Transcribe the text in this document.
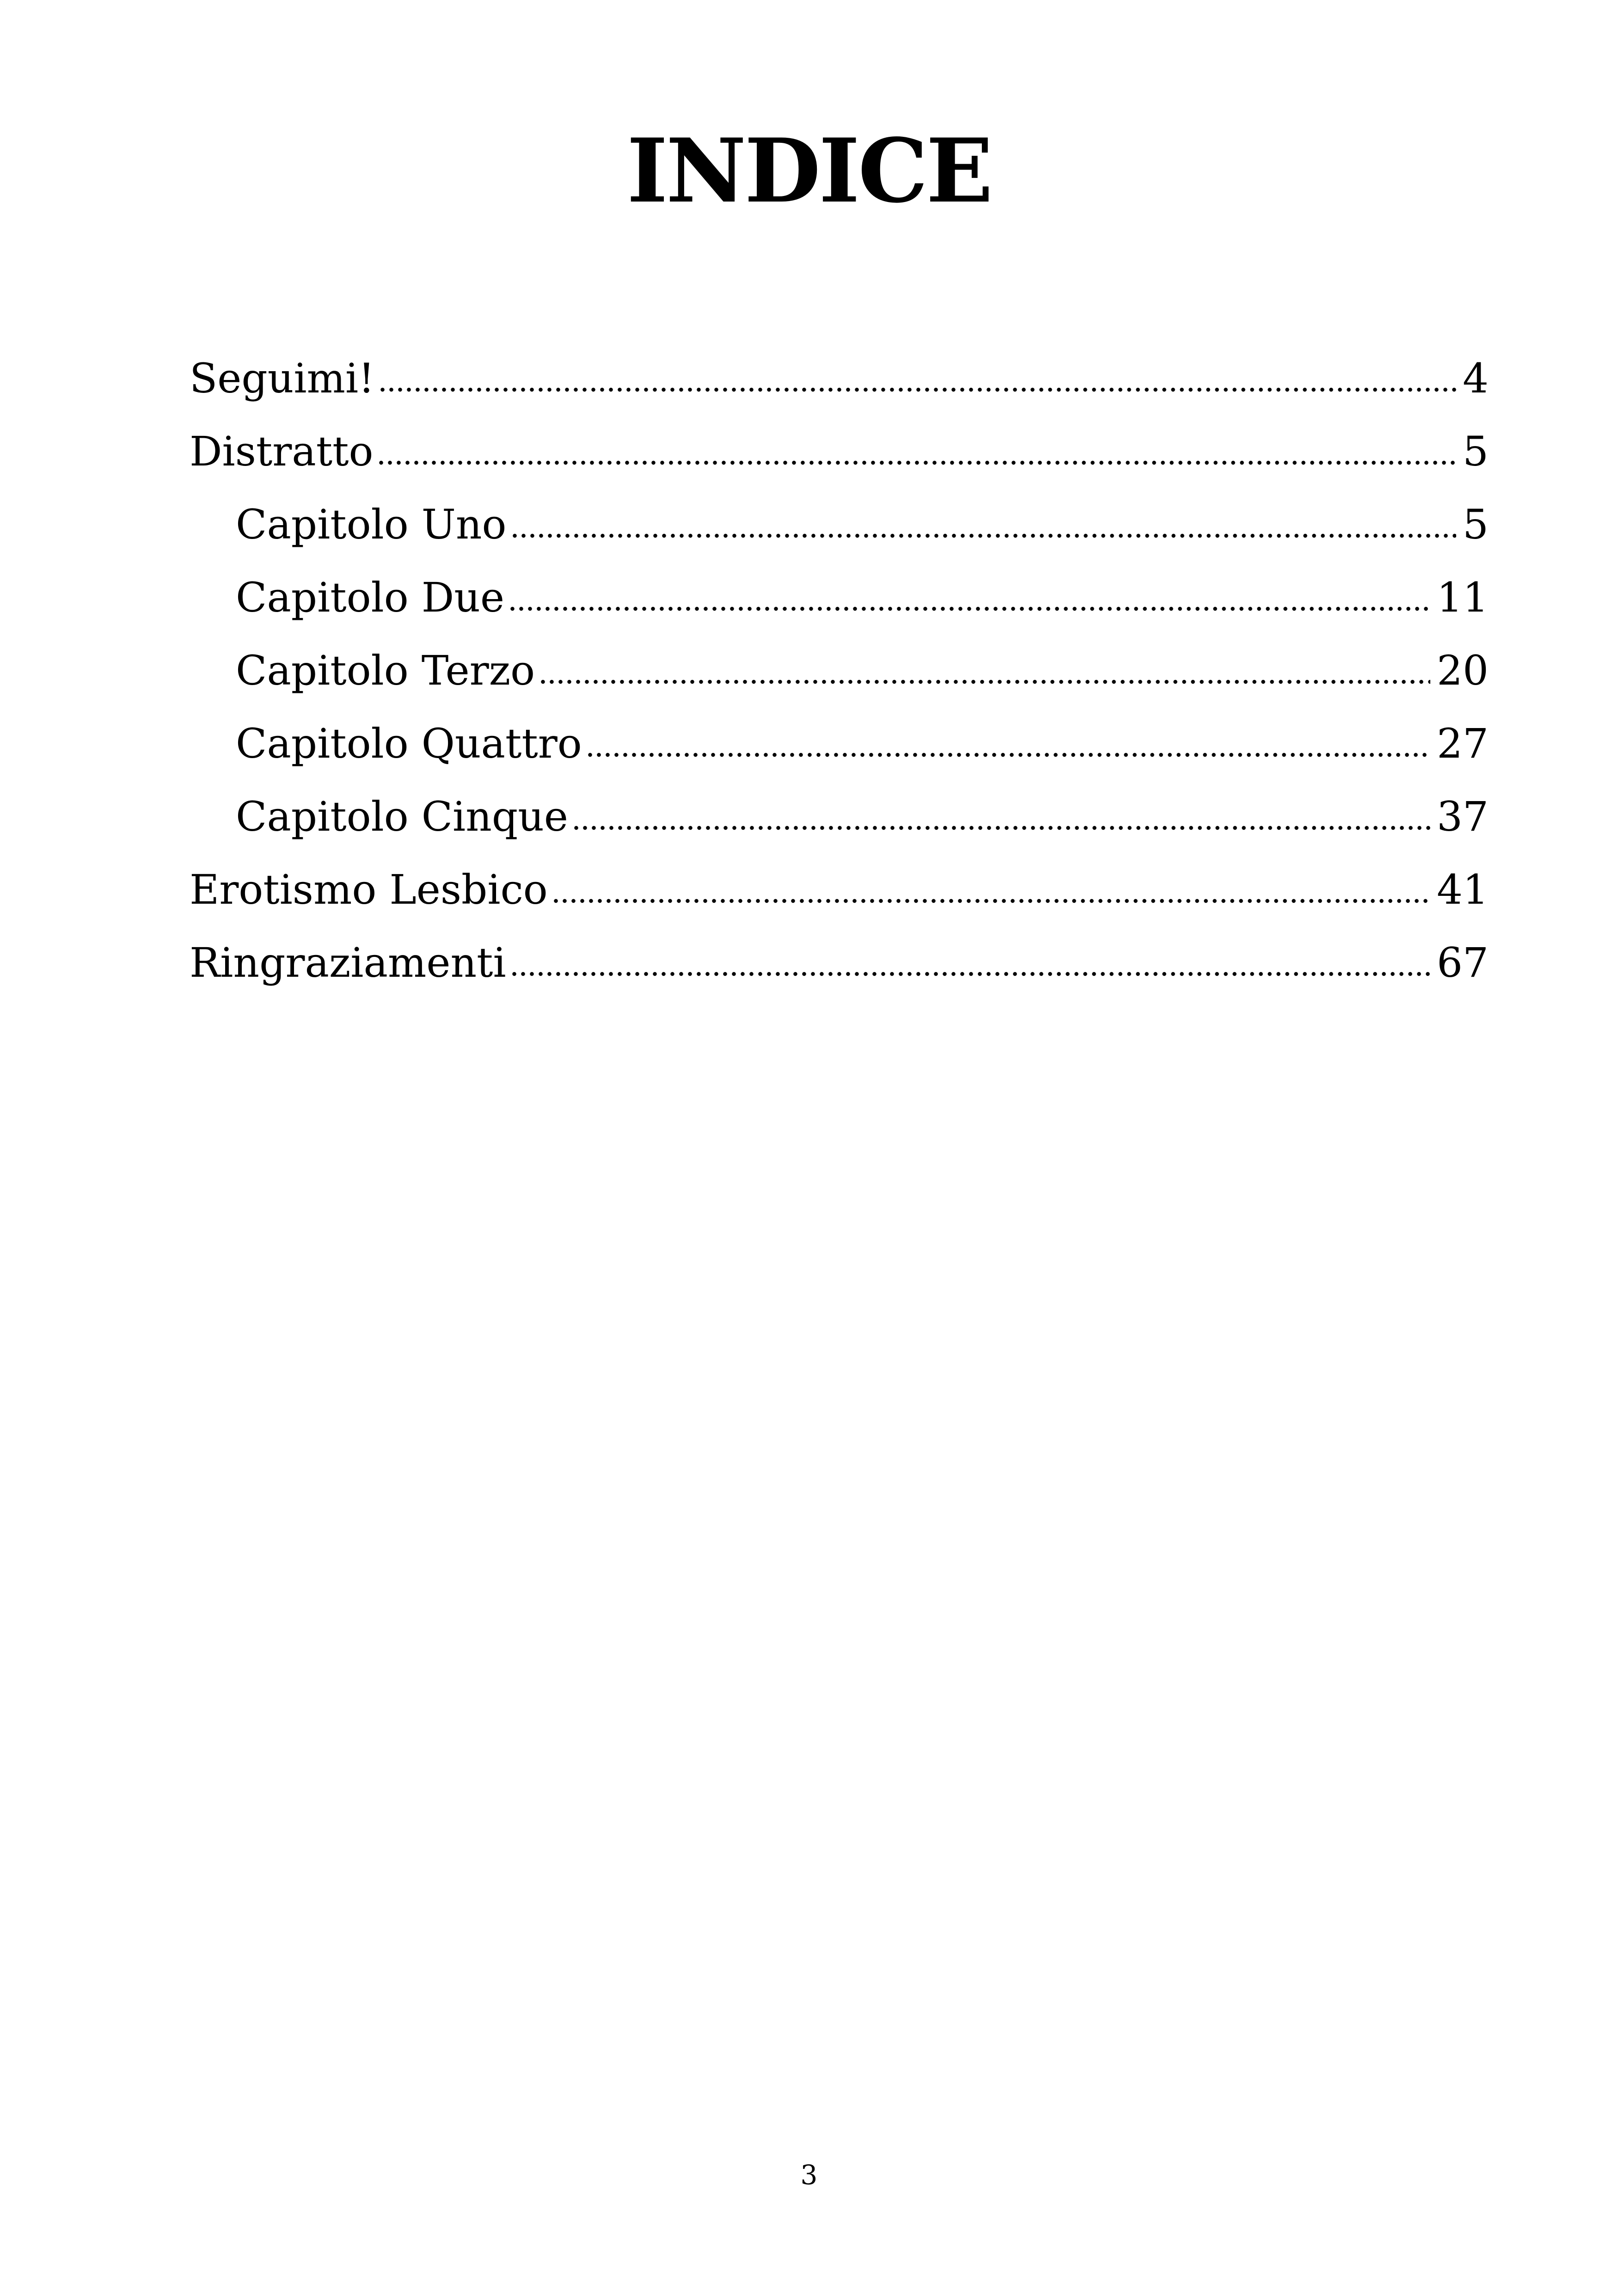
INDICE
Seguimi!	4
Distratto	5
Capitolo Uno	5
Capitolo Due	11
Capitolo Terzo	20
Capitolo Quattro	27
Capitolo Cinque	37
Erotismo Lesbico	41
Ringraziamenti	67
3
